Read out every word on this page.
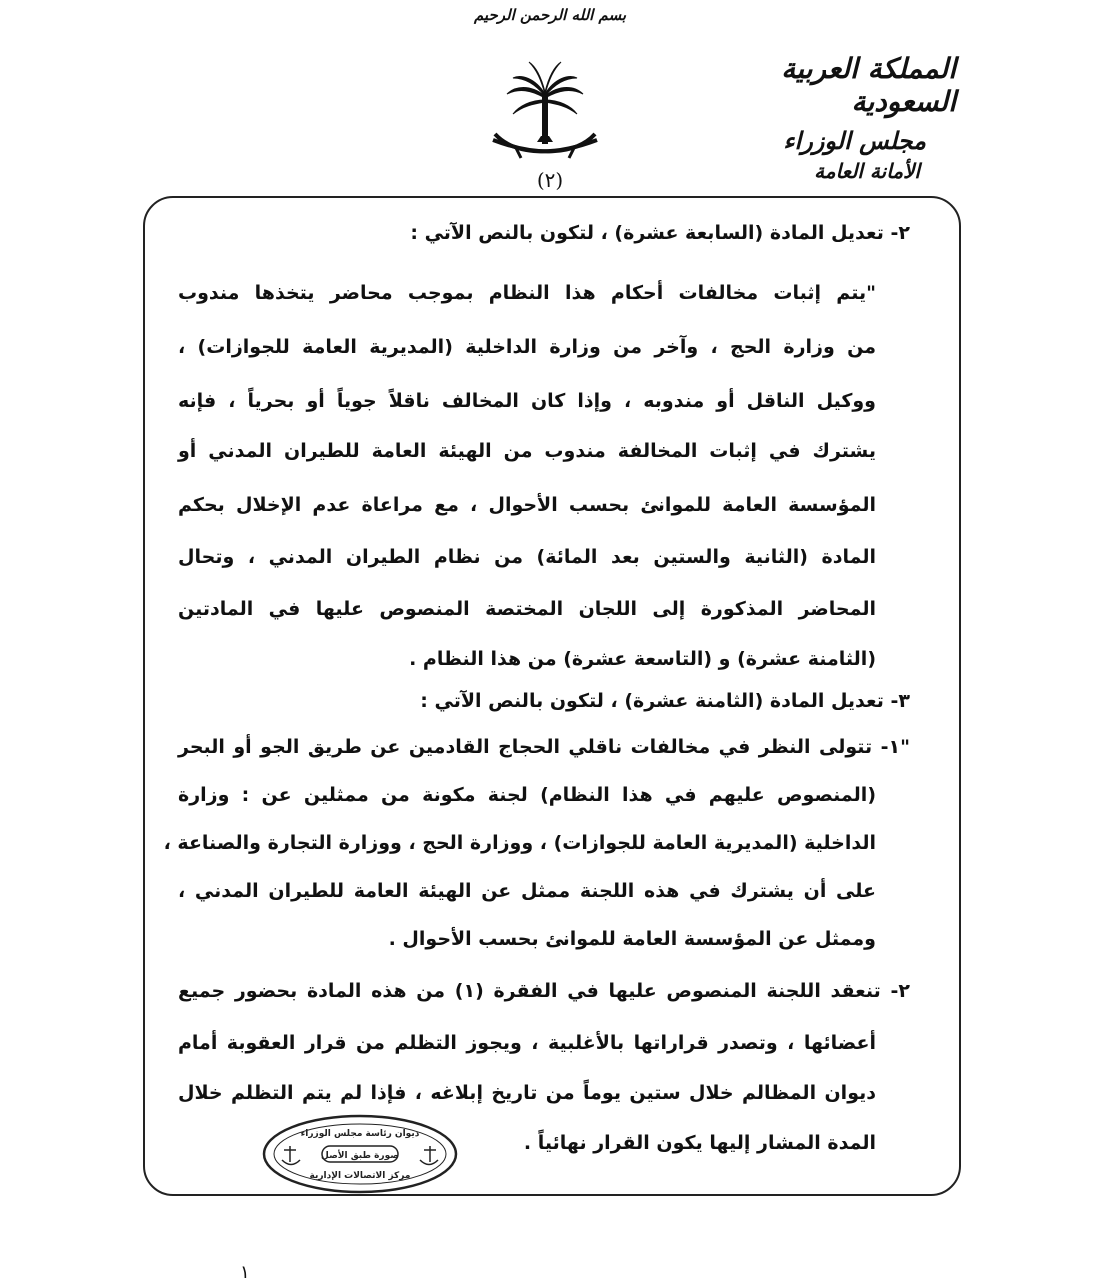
بسم الله الرحمن الرحيم
المملكة العربية السعودية
مجلس الوزراء
الأمانة العامة
(٢)
٢- تعديل المادة (السابعة عشرة) ، لتكون بالنص الآتي :
"يتم إثبات مخالفات أحكام هذا النظام بموجب محاضر يتخذها مندوب
من وزارة الحج ، وآخر من وزارة الداخلية (المديرية العامة للجوازات) ،
ووكيل الناقل أو مندوبه ، وإذا كان المخالف ناقلاً جوياً أو بحرياً ، فإنه
يشترك في إثبات المخالفة مندوب من الهيئة العامة للطيران المدني أو
المؤسسة العامة للموانئ بحسب الأحوال ، مع مراعاة عدم الإخلال بحكم
المادة (الثانية والستين بعد المائة) من نظام الطيران المدني ، وتحال
المحاضر المذكورة إلى اللجان المختصة المنصوص عليها في المادتين
(الثامنة عشرة) و (التاسعة عشرة) من هذا النظام .
٣- تعديل المادة (الثامنة عشرة) ، لتكون بالنص الآتي :
"١- تتولى النظر في مخالفات ناقلي الحجاج القادمين عن طريق الجو أو البحر
(المنصوص عليهم في هذا النظام) لجنة مكونة من ممثلين عن : وزارة
الداخلية (المديرية العامة للجوازات) ، ووزارة الحج ، ووزارة التجارة والصناعة ،
على أن يشترك في هذه اللجنة ممثل عن الهيئة العامة للطيران المدني ،
وممثل عن المؤسسة العامة للموانئ بحسب الأحوال .
٢- تنعقد اللجنة المنصوص عليها في الفقرة (١) من هذه المادة بحضور جميع
أعضائها ، وتصدر قراراتها بالأغلبية ، ويجوز التظلم من قرار العقوبة أمام
ديوان المظالم خلال ستين يوماً من تاريخ إبلاغه ، فإذا لم يتم التظلم خلال
المدة المشار إليها يكون القرار نهائياً .
ديوان رئاسة مجلس الوزراء
صورة طبق الأصل
مركز الاتصالات الإدارية
١
